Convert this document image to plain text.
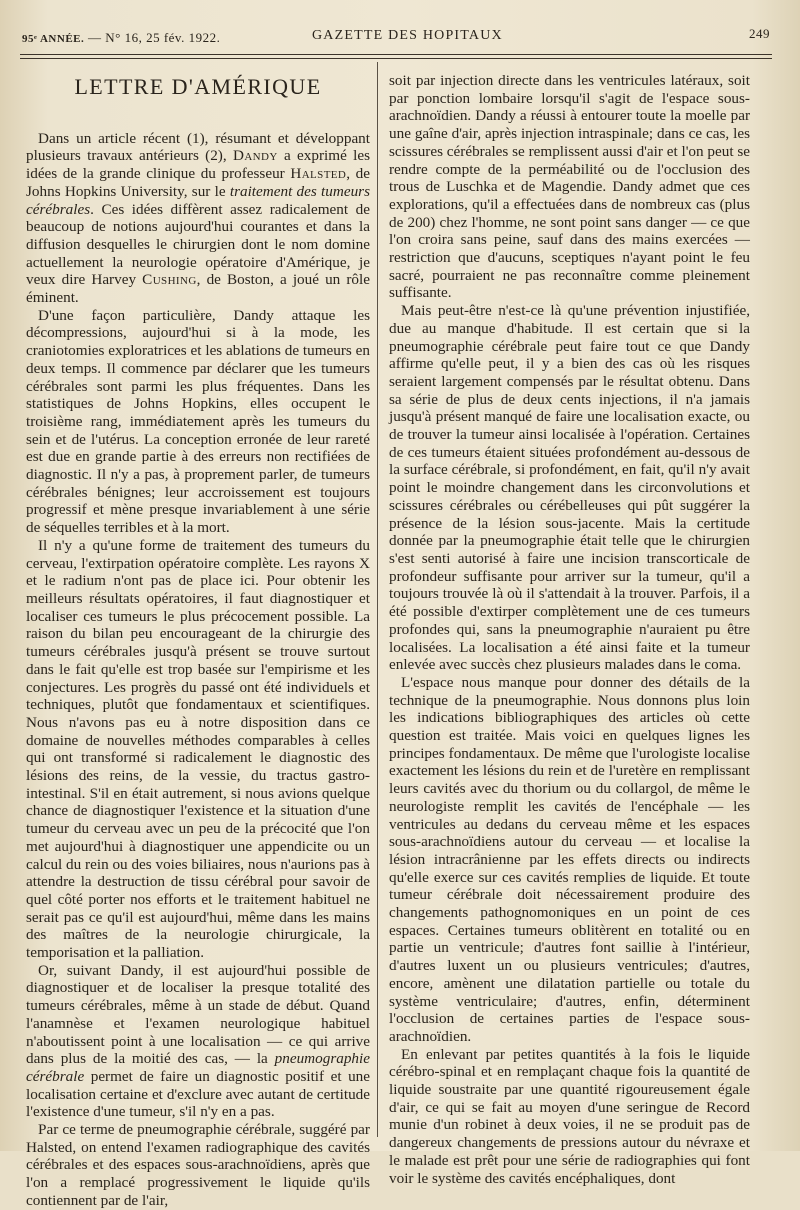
95ᵉ ANNÉE. — N° 16, 25 fév. 1922.	GAZETTE DES HOPITAUX	249
LETTRE D'AMÉRIQUE

Dans un article récent (1), résumant et développant plusieurs travaux antérieurs (2), Dandy a exprimé les idées de la grande clinique du professeur Halsted, de Johns Hopkins University, sur le traitement des tumeurs cérébrales. Ces idées diffèrent assez radicalement de beaucoup de notions aujourd'hui courantes et dans la diffusion desquelles le chirurgien dont le nom domine actuellement la neurologie opératoire d'Amérique, je veux dire Harvey Cushing, de Boston, a joué un rôle éminent.

D'une façon particulière, Dandy attaque les décompressions, aujourd'hui si à la mode, les craniotomies exploratrices et les ablations de tumeurs en deux temps. Il commence par déclarer que les tumeurs cérébrales sont parmi les plus fréquentes. Dans les statistiques de Johns Hopkins, elles occupent le troisième rang, immédiatement après les tumeurs du sein et de l'utérus. La conception erronée de leur rareté est due en grande partie à des erreurs non rectifiées de diagnostic. Il n'y a pas, à proprement parler, de tumeurs cérébrales bénignes; leur accroissement est toujours progressif et mène presque invariablement à une série de séquelles terribles et à la mort.

Il n'y a qu'une forme de traitement des tumeurs du cerveau, l'extirpation opératoire complète. Les rayons X et le radium n'ont pas de place ici. Pour obtenir les meilleurs résultats opératoires, il faut diagnostiquer et localiser ces tumeurs le plus précocement possible. La raison du bilan peu encourageant de la chirurgie des tumeurs cérébrales jusqu'à présent se trouve surtout dans le fait qu'elle est trop basée sur l'empirisme et les conjectures. Les progrès du passé ont été individuels et techniques, plutôt que fondamentaux et scientifiques. Nous n'avons pas eu à notre disposition dans ce domaine de nouvelles méthodes comparables à celles qui ont transformé si radicalement le diagnostic des lésions des reins, de la vessie, du tractus gastro-intestinal. S'il en était autrement, si nous avions quelque chance de diagnostiquer l'existence et la situation d'une tumeur du cerveau avec un peu de la précocité que l'on met aujourd'hui à diagnostiquer une appendicite ou un calcul du rein ou des voies biliaires, nous n'aurions pas à attendre la destruction de tissu cérébral pour savoir de quel côté porter nos efforts et le traitement habituel ne serait pas ce qu'il est aujourd'hui, même dans les mains des maîtres de la neurologie chirurgicale, la temporisation et la palliation.

Or, suivant Dandy, il est aujourd'hui possible de diagnostiquer et de localiser la presque totalité des tumeurs cérébrales, même à un stade de début. Quand l'anamnèse et l'examen neurologique habituel n'aboutissent point à une localisation — ce qui arrive dans plus de la moitié des cas, — la pneumographie cérébrale permet de faire un diagnostic positif et une localisation certaine et d'exclure avec autant de certitude l'existence d'une tumeur, s'il n'y en a pas.

Par ce terme de pneumographie cérébrale, suggéré par Halsted, on entend l'examen radiographique des cavités cérébrales et des espaces sous-arachnoïdiens, après que l'on a remplacé progressivement le liquide qu'ils contiennent par de l'air,

soit par injection directe dans les ventricules latéraux, soit par ponction lombaire lorsqu'il s'agit de l'espace sous-arachnoïdien. Dandy a réussi à entourer toute la moelle par une gaîne d'air, après injection intraspinale; dans ce cas, les scissures cérébrales se remplissent aussi d'air et l'on peut se rendre compte de la perméabilité ou de l'occlusion des trous de Luschka et de Magendie. Dandy admet que ces explorations, qu'il a effectuées dans de nombreux cas (plus de 200) chez l'homme, ne sont point sans danger — ce que l'on croira sans peine, sauf dans des mains exercées — restriction que d'aucuns, sceptiques n'ayant point le feu sacré, pourraient ne pas reconnaître comme pleinement suffisante.

Mais peut-être n'est-ce là qu'une prévention injustifiée, due au manque d'habitude. Il est certain que si la pneumographie cérébrale peut faire tout ce que Dandy affirme qu'elle peut, il y a bien des cas où les risques seraient largement compensés par le résultat obtenu. Dans sa série de plus de deux cents injections, il n'a jamais jusqu'à présent manqué de faire une localisation exacte, ou de trouver la tumeur ainsi localisée à l'opération. Certaines de ces tumeurs étaient situées profondément au-dessous de la surface cérébrale, si profondément, en fait, qu'il n'y avait point le moindre changement dans les circonvolutions et scissures cérébrales ou cérébelleuses qui pût suggérer la présence de la lésion sous-jacente. Mais la certitude donnée par la pneumographie était telle que le chirurgien s'est senti autorisé à faire une incision transcorticale de profondeur suffisante pour arriver sur la tumeur, qu'il a toujours trouvée là où il s'attendait à la trouver. Parfois, il a été possible d'extirper complètement une de ces tumeurs profondes qui, sans la pneumographie n'auraient pu être localisées. La localisation a été ainsi faite et la tumeur enlevée avec succès chez plusieurs malades dans le coma.

L'espace nous manque pour donner des détails de la technique de la pneumographie. Nous donnons plus loin les indications bibliographiques des articles où cette question est traitée. Mais voici en quelques lignes les principes fondamentaux. De même que l'urologiste localise exactement les lésions du rein et de l'uretère en remplissant leurs cavités avec du thorium ou du collargol, de même le neurologiste remplit les cavités de l'encéphale — les ventricules au dedans du cerveau même et les espaces sous-arachnoïdiens autour du cerveau — et localise la lésion intracrânienne par les effets directs ou indirects qu'elle exerce sur ces cavités remplies de liquide. Et toute tumeur cérébrale doit nécessairement produire des changements pathognomoniques en un point de ces espaces. Certaines tumeurs oblitèrent en totalité ou en partie un ventricule; d'autres font saillie à l'intérieur, d'autres luxent un ou plusieurs ventricules; d'autres, encore, amènent une dilatation partielle ou totale du système ventriculaire; d'autres, enfin, déterminent l'occlusion de certaines parties de l'espace sous-arachnoïdien.

En enlevant par petites quantités à la fois le liquide cérébro-spinal et en remplaçant chaque fois la quantité de liquide soustraite par une quantité rigoureusement égale d'air, ce qui se fait au moyen d'une seringue de Record munie d'un robinet à deux voies, il ne se produit pas de dangereux changements de pressions autour du névraxe et le malade est prêt pour une série de radiographies qui font voir le système des cavités encéphaliques, dont
